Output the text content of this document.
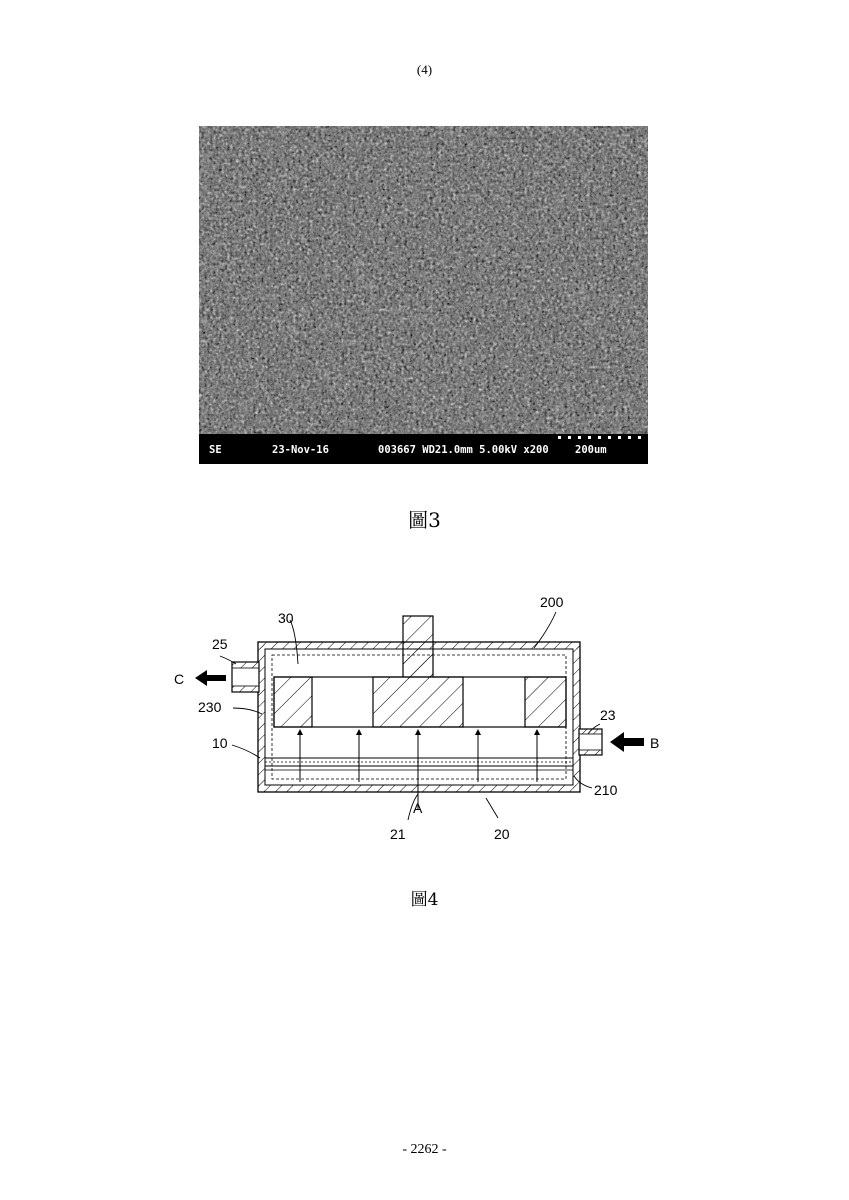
(4)
SE	23-Nov-16	003667 WD21.0mm 5.00kV x200	200um
圖3
30
200
25
C
230
10
23
B
210
A
21	20
圖4
- 2262 -
